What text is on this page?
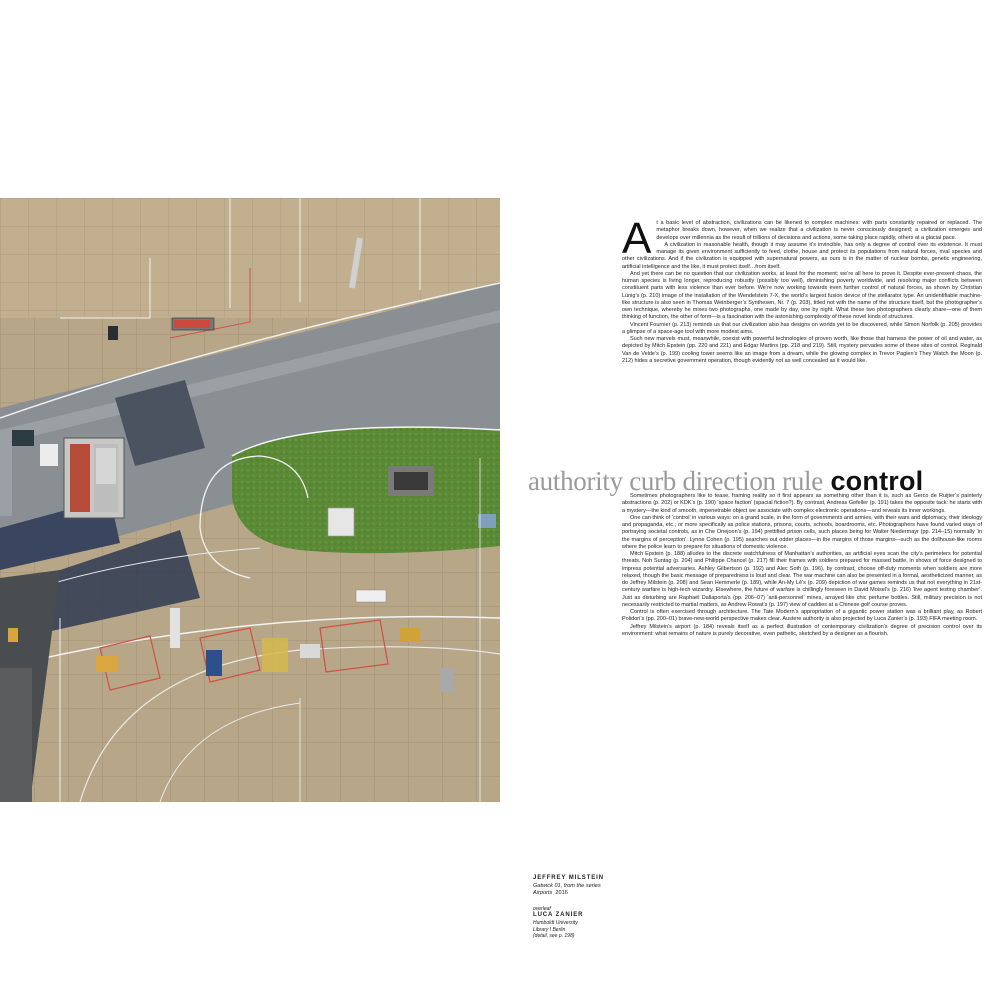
JEFFREY MILSTEIN
Gatwick 01, from the series
Airports 2016
overleaf
LUCA ZANIER
Humboldt University
Library I Berlin
(detail, see p. 198)

At a basic level of abstraction, civilizations can be likened to complex machines: with parts constantly repaired or replaced. The metaphor breaks down, however, when we realize that a civilization is never consciously designed; a civilization emerges and develops over millennia as the result of trillions of decisions and actions, some taking place rapidly, others at a glacial pace.

A civilization in reasonable health, though it may assume it’s invincible, has only a degree of control over its existence. It must manage its given environment sufficiently to feed, clothe, house and protect its populations from natural forces, rival species and other civilizations. And if the civilization is equipped with supernatural powers, as ours is in the matter of nuclear bombs, genetic engineering, artificial intelligence and the like, it must protect itself…from itself.

And yet there can be no question that our civilization works, at least for the moment; we’re all here to prove it. Despite ever-present chaos, the human species is living longer, reproducing robustly (possibly too well), diminishing poverty worldwide, and resolving major conflicts between constituent parts with less violence than ever before. We’re now working towards even further control of natural forces, as shown by Christian Lünig’s (p. 210) image of the installation of the Wendelstein 7-X, the world’s largest fusion device of the stellarator type. An unidentifiable machine-like structure is also seen in Thomas Weinberger’s Synthesen, Nr. 7 (p. 203), titled not with the name of the structure itself, but the photographer’s own technique, whereby he mixes two photographs, one made by day, one by night. What these two photographers clearly share—one of them thinking of function, the other of form—is a fascination with the astonishing complexity of these novel kinds of structures.

Vincent Fournier (p. 213) reminds us that our civilization also has designs on worlds yet to be discovered, while Simon Norfolk (p. 205) provides a glimpse of a space-age tool with more modest aims.

Such new marvels must, meanwhile, coexist with powerful technologies of proven worth, like those that harness the power of oil and water, as depicted by Mitch Epstein (pp. 220 and 221) and Edgar Martins (pp. 218 and 219). Still, mystery pervades some of these sites of control. Reginald Van de Velde’s (p. 199) cooling tower seems like an image from a dream, while the glowing complex in Trevor Paglen’s They Watch the Moon (p. 212) hides a secretive government operation, though evidently not as well concealed as it would like.

authority curb direction rule control

Sometimes photographers like to tease, framing reality so it first appears as something other than it is, such as Gerco de Ruijter’s painterly abstractions (p. 202) or KDK’s (p. 190) ‘space faction’ (spacial fiction?). By contrast, Andreas Gefeller (p. 191) takes the opposite tack: he starts with a mystery—the kind of smooth, impenetrable object we associate with complex electronic operations—and reveals its inner workings.

One can think of ‘control’ in various ways: on a grand scale, in the form of governments and armies, with their wars and diplomacy, their ideology and propaganda, etc.; or more specifically as police stations, prisons, courts, schools, boardrooms, etc. Photographers have found varied ways of portraying societal controls, as in Che Onejoon’s (p. 194) prettified prison cells, such places being for Walter Niedermayr (pp. 214–15) normally ‘in the margins of perception’. Lynne Cohen (p. 195) searches out odder places—in the margins of those margins—such as the dollhouse-like rooms where the police learn to prepare for situations of domestic violence.

Mitch Epstein (p. 188) alludes to the discrete watchfulness of Manhattan’s authorities, as artificial eyes scan the city’s perimeters for potential threats. Noh Suntag (p. 204) and Philippe Chancel (p. 217) fill their frames with soldiers prepared for massed battle, in shows of force designed to impress potential adversaries. Ashley Gilbertson (p. 192) and Alec Soth (p. 196), by contrast, choose off-duty moments when soldiers are more relaxed, though the basic message of preparedness is loud and clear. The war machine can also be presented in a formal, aestheticized manner, as do Jeffrey Milstein (p. 208) and Sean Hemmerle (p. 189), while An-My Lê’s (p. 209) depiction of war games reminds us that not everything in 21st-century warfare is high-tech wizardry. Elsewhere, the future of warfare is chillingly foreseen in David Moisel’s (p. 216) ‘live agent testing chamber’. Just as disturbing are Raphaël Dallaporta’s (pp. 206–07) ‘anti-personnel’ mines, arrayed like chic perfume bottles. Still, military precision is not necessarily restricted to martial matters, as Andrew Rowat’s (p. 197) view of caddies at a Chinese golf course proves.

Control is often exercised through architecture. The Tate Modern’s appropriation of a gigantic power station was a brilliant play, as Robert Polidori’s (pp. 200–01) brave-new-world perspective makes clear. Austere authority is also projected by Luca Zanier’s (p. 193) FIFA meeting room.

Jeffrey Milstein’s airport (p. 184) reveals itself as a perfect illustration of contemporary civilization’s degree of precision control over its environment: what remains of nature is purely decorative, even pathetic, sketched by a designer as a flourish.
